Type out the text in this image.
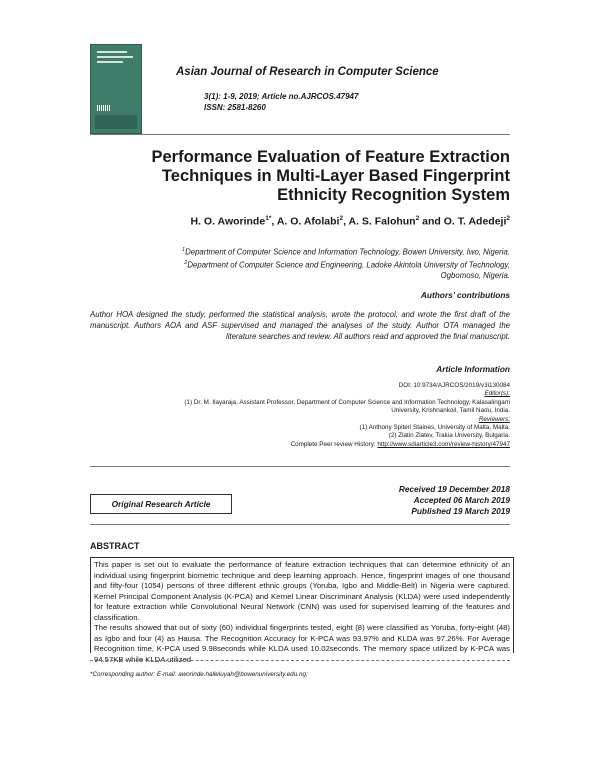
Asian Journal of Research in Computer Science
3(1): 1-9, 2019; Article no.AJRCOS.47947
ISSN: 2581-8260
Performance Evaluation of Feature Extraction
Techniques in Multi-Layer Based Fingerprint
Ethnicity Recognition System
H. O. Aworinde$^{1*}$, A. O. Afolabi$^2$, A. S. Falohun$^2$ and O. T. Adedeji$^2$
$^1$Department of Computer Science and Information Technology, Bowen University, Iwo, Nigeria.
$^2$Department of Computer Science and Engineering, Ladoke Akintola University of Technology,
Ogbomoso, Nigeria.
Authors’ contributions
Author HOA designed the study, performed the statistical analysis, wrote the protocol, and wrote the first draft of the manuscript. Authors AOA and ASF supervised and managed the analyses of the study. Author OTA managed the literature searches and review. All authors read and approved the final manuscript.
Article Information
DOI: 10.9734/AJRCOS/2019/v3i130084
Editor(s):
(1) Dr. M. Ilayaraja, Assistant Professor, Department of Computer Science and Information Technology, Kalasalingam
University, Krishnankoil, Tamil Nadu, India.
Reviewers:
(1) Anthony Spiteri Staines, University of Malta, Malta.
(2) Zlatin Zlatev, Trakia University, Bulgaria.
Complete Peer review History: http://www.sdiarticle3.com/review-history/47947
Original Research Article
Received 19 December 2018
Accepted 06 March 2019
Published 19 March 2019
ABSTRACT

This paper is set out to evaluate the performance of feature extraction techniques that can determine ethnicity of an individual using fingerprint biometric technique and deep learning approach. Hence, fingerprint images of one thousand and fifty-four (1054) persons of three different ethnic groups (Yoruba, Igbo and Middle-Belt) in Nigeria were captured. Kernel Principal Component Analysis (K-PCA) and Kernel Linear Discriminant Analysis (KLDA) were used independently for feature extraction while Convolutional Neural Network (CNN) was used for supervised learning of the features and classification.

The results showed that out of sixty (60) individual fingerprints tested, eight (8) were classified as Yoruba, forty-eight (48) as Igbo and four (4) as Hausa. The Recognition Accuracy for K-PCA was 93.97% and KLDA was 97.26%. For Average Recognition time, K-PCA used 9.98seconds while KLDA used 10.02seconds. The memory space utilized by K-PCA was 94.57KB while KLDA utilized

*Corresponding author: E-mail: aworinde.halleluyah@bowenuniversity.edu.ng;
